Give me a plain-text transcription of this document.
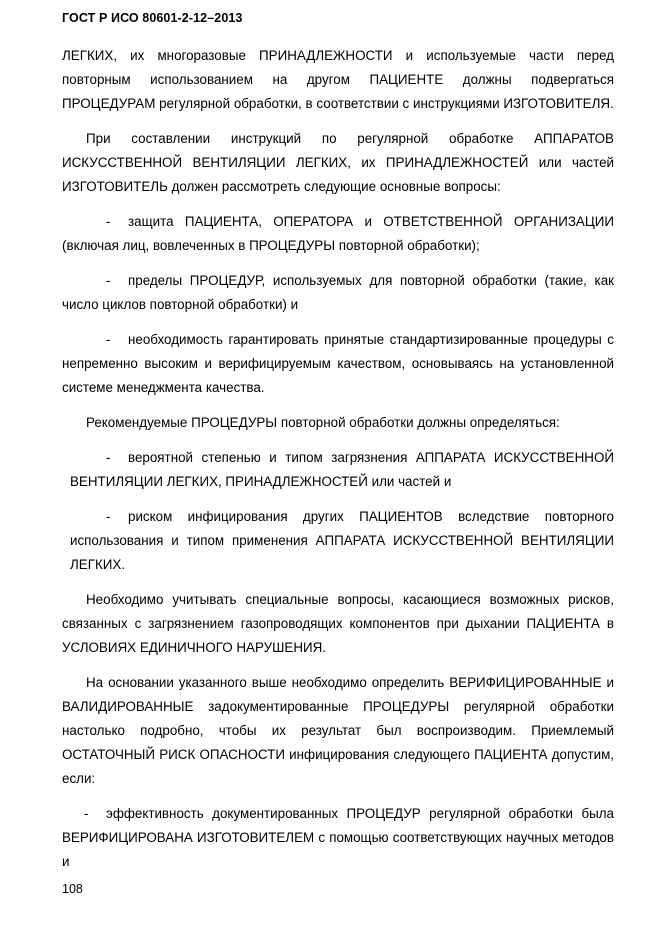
ГОСТ Р ИСО 80601-2-12–2013

ЛЕГКИХ, их многоразовые ПРИНАДЛЕЖНОСТИ и используемые части перед повторным использованием на другом ПАЦИЕНТЕ должны подвергаться ПРОЦЕДУРАМ регулярной обработки, в соответствии с инструкциями ИЗГОТОВИТЕЛЯ.

При составлении инструкций по регулярной обработке АППАРАТОВ ИСКУССТВЕННОЙ ВЕНТИЛЯЦИИ ЛЕГКИХ, их ПРИНАДЛЕЖНОСТЕЙ или частей ИЗГОТОВИТЕЛЬ должен рассмотреть следующие основные вопросы:

- защита ПАЦИЕНТА, ОПЕРАТОРА и ОТВЕТСТВЕННОЙ ОРГАНИЗАЦИИ (включая лиц, вовлеченных в ПРОЦЕДУРЫ повторной обработки);

- пределы ПРОЦЕДУР, используемых для повторной обработки (такие, как число циклов повторной обработки) и

- необходимость гарантировать принятые стандартизированные процедуры с непременно высоким и верифицируемым качеством, основываясь на установленной системе менеджмента качества.

Рекомендуемые ПРОЦЕДУРЫ повторной обработки должны определяться:

- вероятной степенью и типом загрязнения АППАРАТА ИСКУССТВЕННОЙ ВЕНТИЛЯЦИИ ЛЕГКИХ, ПРИНАДЛЕЖНОСТЕЙ или частей и

- риском инфицирования других ПАЦИЕНТОВ вследствие повторного использования и типом применения АППАРАТА ИСКУССТВЕННОЙ ВЕНТИЛЯЦИИ ЛЕГКИХ.

Необходимо учитывать специальные вопросы, касающиеся возможных рисков, связанных с загрязнением газопроводящих компонентов при дыхании ПАЦИЕНТА в УСЛОВИЯХ ЕДИНИЧНОГО НАРУШЕНИЯ.

На основании указанного выше необходимо определить ВЕРИФИЦИРОВАННЫЕ и ВАЛИДИРОВАННЫЕ задокументированные ПРОЦЕДУРЫ регулярной обработки настолько подробно, чтобы их результат был воспроизводим. Приемлемый ОСТАТОЧНЫЙ РИСК ОПАСНОСТИ инфицирования следующего ПАЦИЕНТА допустим, если:

- эффективность документированных ПРОЦЕДУР регулярной обработки была ВЕРИФИЦИРОВАНА ИЗГОТОВИТЕЛЕМ с помощью соответствующих научных методов и

108
